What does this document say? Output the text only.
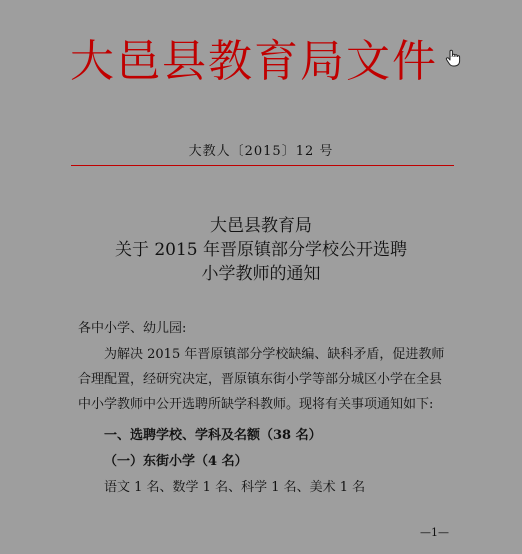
大邑县教育局文件
大教人〔2015〕12 号
大邑县教育局
关于 2015 年晋原镇部分学校公开选聘
小学教师的通知
各中小学、幼儿园:
为解决 2015 年晋原镇部分学校缺编、缺科矛盾，促进教师
合理配置，经研究决定，晋原镇东街小学等部分城区小学在全县
中小学教师中公开选聘所缺学科教师。现将有关事项通知如下:
一、选聘学校、学科及名额（38 名）
（一）东街小学（4 名）
语文 1 名、数学 1 名、科学 1 名、美术 1 名
—1—
